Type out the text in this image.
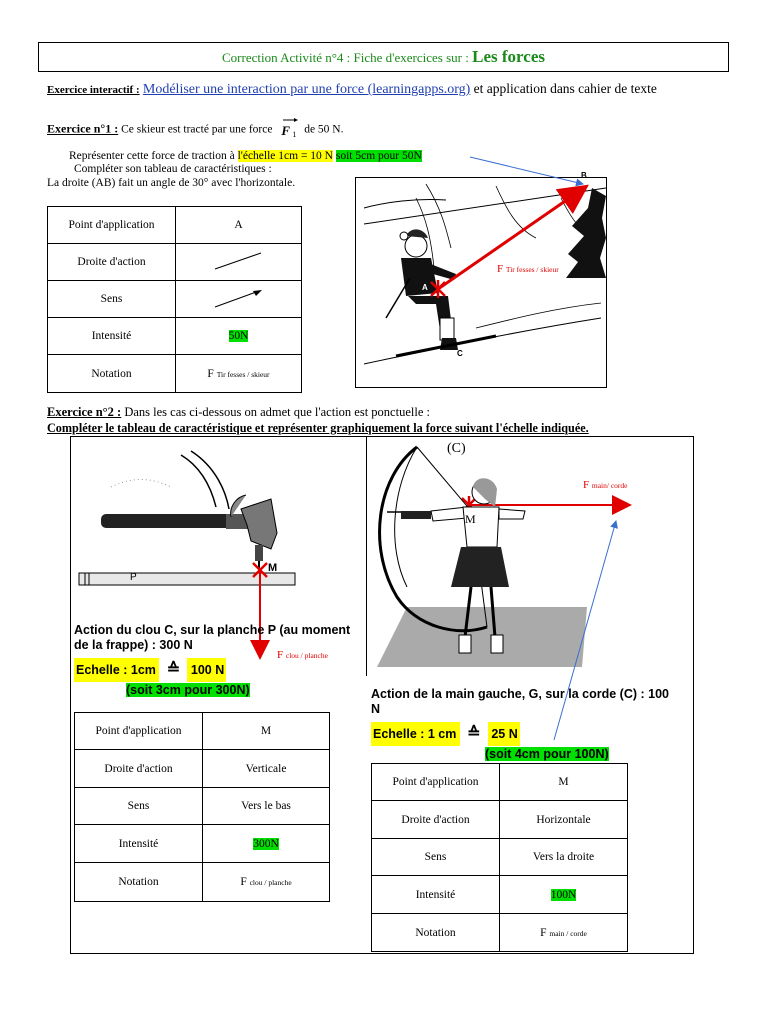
Correction Activité n°4 : Fiche d'exercices sur : Les forces
Exercice interactif : Modéliser une interaction par une force (learningapps.org) et application dans cahier de texte
Exercice n°1 : Ce skieur est tracté par une force F 1 de 50 N.
Représenter cette force de traction à l'échelle 1cm = 10 N soit 5cm pour 50N
Compléter son tableau de caractéristiques :
La droite (AB) fait un angle de 30° avec l'horizontale.
Point d'application	A
Droite d'action	
Sens	
Intensité	50N
Notation	F Tir fesses / skieur
B
A
C
F Tir fesses / skieur
Exercice n°2 : Dans les cas ci-dessous on admet que l'action est ponctuelle :
Compléter le tableau de caractéristique et représenter graphiquement la force suivant l'échelle indiquée.
P
M
F clou / planche
Action du clou C, sur la planche P (au moment de la frappe) : 300 N
Echelle : 1cm ≙ 100 N
(soit 3cm pour 300N)
Point d'application	M
Droite d'action	Verticale
Sens	Vers le bas
Intensité	300N
Notation	F clou / planche
(C)
M
F main/ corde
Action de la main gauche, G, sur la corde (C) : 100 N
Echelle : 1 cm ≙ 25 N
(soit 4cm pour 100N)
Point d'application	M
Droite d'action	Horizontale
Sens	Vers la droite
Intensité	100N
Notation	F main / corde
